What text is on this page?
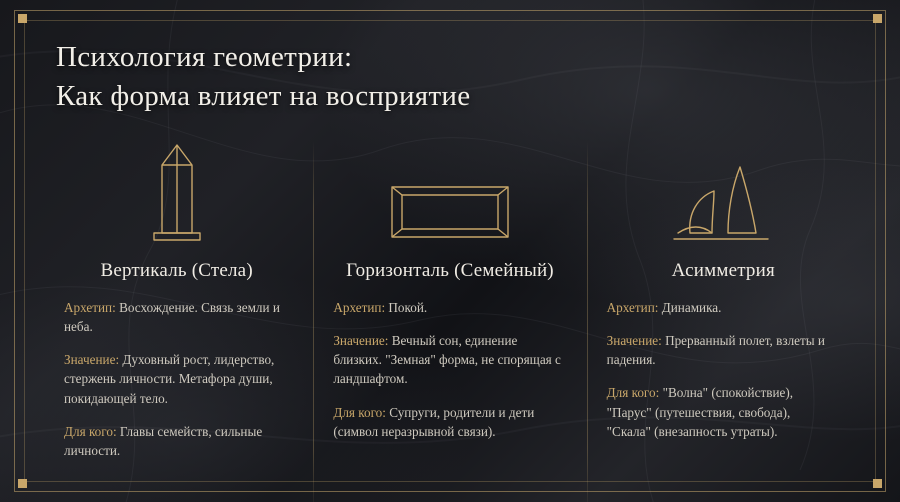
Психология геометрии:
Как форма влияет на восприятие
Вертикаль (Стела)
Архетип: Восхождение. Связь земли и неба.
Значение: Духовный рост, лидерство, стержень личности. Метафора души, покидающей тело.
Для кого: Главы семейств, сильные личности.
Горизонталь (Семейный)
Архетип: Покой.
Значение: Вечный сон, единение близких. "Земная" форма, не спорящая с ландшафтом.
Для кого: Супруги, родители и дети (символ неразрывной связи).
Асимметрия
Архетип: Динамика.
Значение: Прерванный полет, взлеты и падения.
Для кого: "Волна" (спокойствие), "Парус" (путешествия, свобода), "Скала" (внезапность утраты).
